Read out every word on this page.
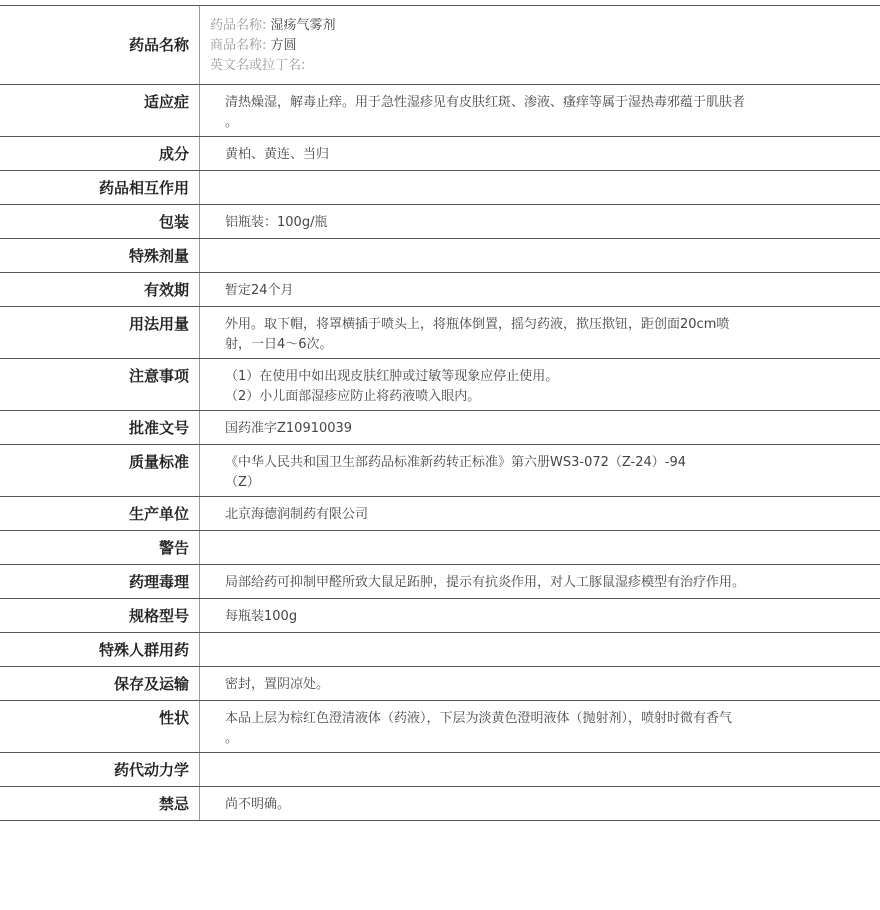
药品名称
药品名称: 湿疡气雾剂
商品名称: 方圆
英文名或拉丁名:
适应症	清热燥湿，解毒止痒。用于急性湿疹见有皮肤红斑、渗液、瘙痒等属于湿热毒邪蕴于肌肤者
。
成分	黄柏、黄连、当归
药品相互作用
包装	铝瓶装：100g/瓶
特殊剂量
有效期	暂定24个月
用法用量	外用。取下帽，将罩横插于喷头上，将瓶体倒置，摇匀药液，揿压揿钮，距创面20cm喷
射，一日4～6次。
注意事项	（1）在使用中如出现皮肤红肿或过敏等现象应停止使用。
（2）小儿面部湿疹应防止将药液喷入眼内。
批准文号	国药准字Z10910039
质量标准	《中华人民共和国卫生部药品标准新药转正标准》第六册WS3-072（Z-24）-94
（Z）
生产单位	北京海德润制药有限公司
警告
药理毒理	局部给药可抑制甲醛所致大鼠足跖肿，提示有抗炎作用，对人工豚鼠湿疹模型有治疗作用。
规格型号	每瓶装100g
特殊人群用药
保存及运输	密封，置阴凉处。
性状	本品上层为棕红色澄清液体（药液），下层为淡黄色澄明液体（抛射剂），喷射时微有香气
。
药代动力学
禁忌	尚不明确。
